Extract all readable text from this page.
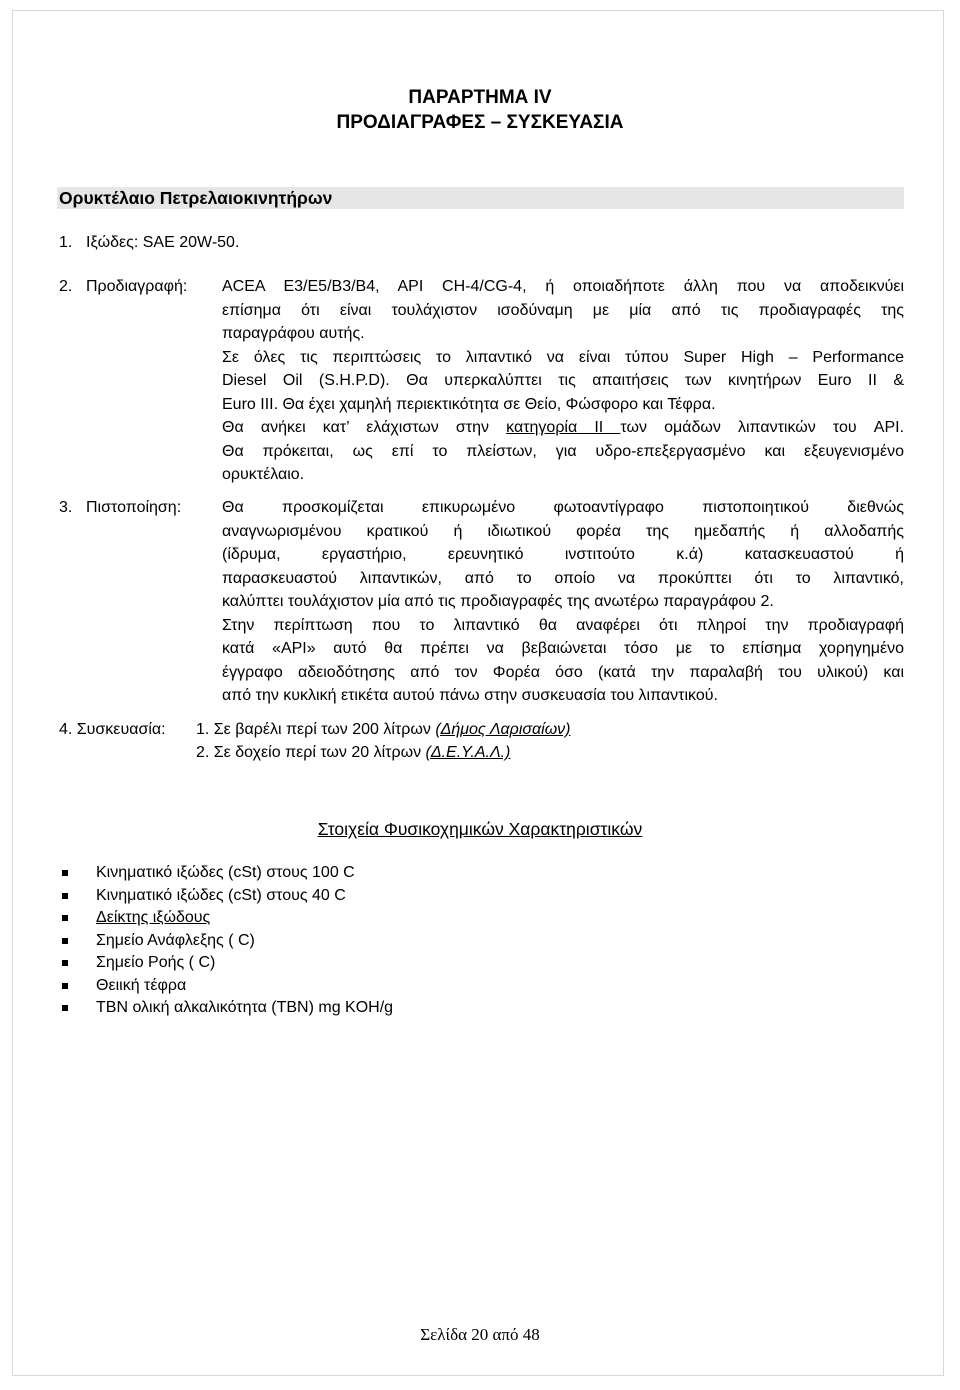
ΠΑΡΑΡΤΗΜΑ IV
ΠΡΟΔΙΑΓΡΑΦΕΣ – ΣΥΣΚΕΥΑΣΙΑ
Ορυκτέλαιο Πετρελαιοκινητήρων
1. Ιξώδες: SAE 20W-50.
2. Προδιαγραφή: ACEA E3/E5/B3/B4, API CH-4/CG-4, ή οποιαδήποτε άλλη που να αποδεικνύει
επίσημα ότι είναι τουλάχιστον ισοδύναμη με μία από τις προδιαγραφές της
παραγράφου αυτής.
Σε όλες τις περιπτώσεις το λιπαντικό να είναι τύπου Super High – Performance
Diesel Oil (S.H.P.D). Θα υπερκαλύπτει τις απαιτήσεις των κινητήρων Euro II &
Euro III. Θα έχει χαμηλή περιεκτικότητα σε Θείο, Φώσφορο και Τέφρα.
Θα ανήκει κατ’ ελάχιστων στην κατηγορία II των ομάδων λιπαντικών του API.
Θα πρόκειται, ως επί το πλείστων, για υδρο-επεξεργασμένο και εξευγενισμένο
ορυκτέλαιο.
3. Πιστοποίηση:	Θα προσκομίζεται επικυρωμένο φωτοαντίγραφο πιστοποιητικού διεθνώς
αναγνωρισμένου κρατικού ή ιδιωτικού φορέα της ημεδαπής ή αλλοδαπής
(ίδρυμα, εργαστήριο, ερευνητικό ινστιτούτο κ.ά) κατασκευαστού ή
παρασκευαστού λιπαντικών, από το οποίο να προκύπτει ότι το λιπαντικό,
καλύπτει τουλάχιστον μία από τις προδιαγραφές της ανωτέρω παραγράφου 2.
Στην περίπτωση που το λιπαντικό θα αναφέρει ότι πληροί την προδιαγραφή
κατά «API» αυτό θα πρέπει να βεβαιώνεται τόσο με το επίσημα χορηγημένο
έγγραφο αδειοδότησης από τον Φορέα όσο (κατά την παραλαβή του υλικού) και
από την κυκλική ετικέτα αυτού πάνω στην συσκευασία του λιπαντικού.
4. Συσκευασία: 1. Σε βαρέλι περί των 200 λίτρων (Δήμος Λαρισαίων)
2. Σε δοχείο περί των 20 λίτρων (Δ.Ε.Υ.Α.Λ.)
Στοιχεία Φυσικοχημικών Χαρακτηριστικών
Κινηματικό ιξώδες (cSt) στους 100 C
Κινηματικό ιξώδες (cSt) στους 40 C
Δείκτης ιξώδους
Σημείο Ανάφλεξης ( C)
Σημείο Ροής ( C)
Θειική τέφρα
TBN ολική αλκαλικότητα (TBN) mg KOH/g
Σελίδα 20 από 48
